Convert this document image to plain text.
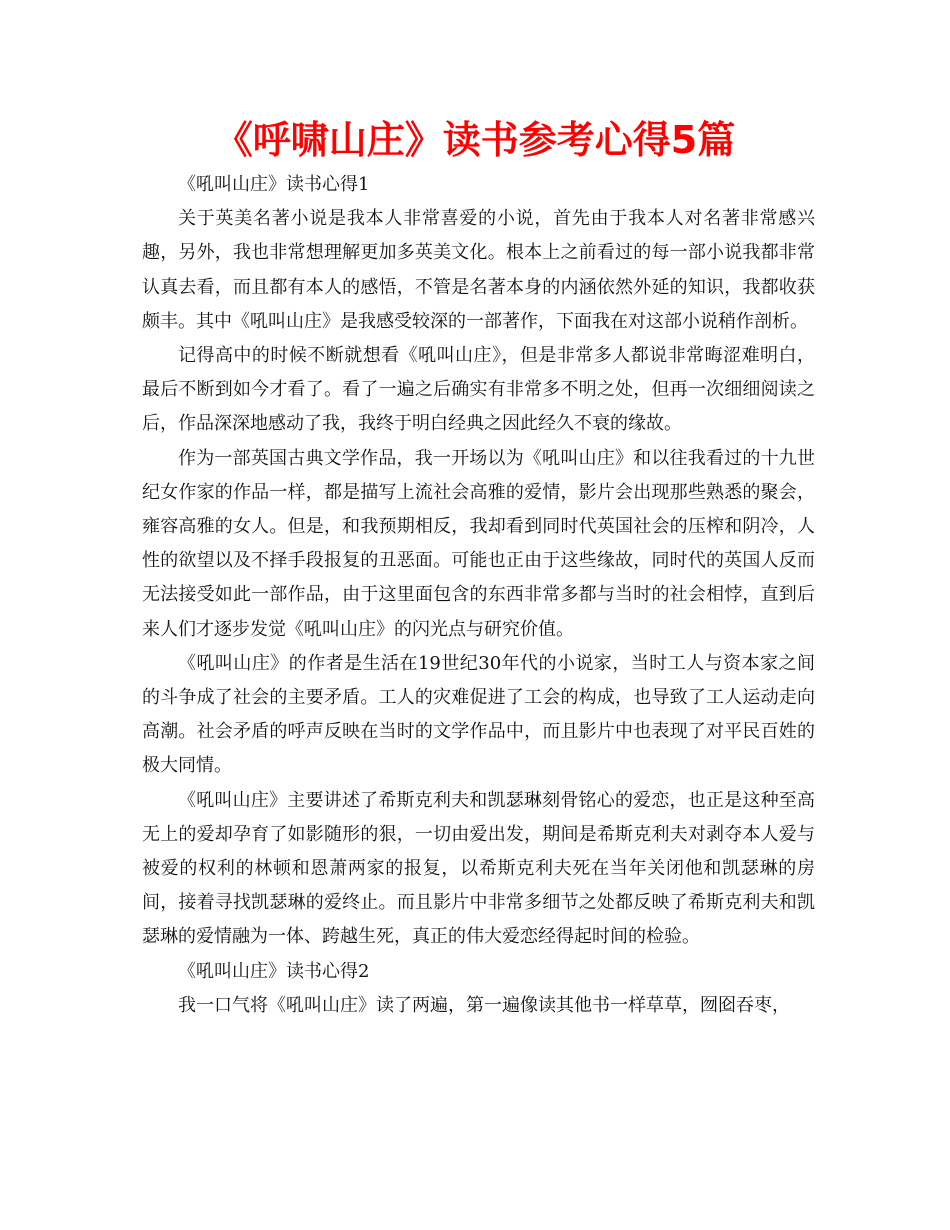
《呼啸山庄》读书参考心得5篇

《吼叫山庄》读书心得1

关于英美名著小说是我本人非常喜爱的小说，首先由于我本人对名著非常感兴趣，另外，我也非常想理解更加多英美文化。根本上之前看过的每一部小说我都非常认真去看，而且都有本人的感悟，不管是名著本身的内涵依然外延的知识，我都收获颇丰。其中《吼叫山庄》是我感受较深的一部著作，下面我在对这部小说稍作剖析。

记得高中的时候不断就想看《吼叫山庄》，但是非常多人都说非常晦涩难明白，最后不断到如今才看了。看了一遍之后确实有非常多不明之处，但再一次细细阅读之后，作品深深地感动了我，我终于明白经典之因此经久不衰的缘故。

作为一部英国古典文学作品，我一开场以为《吼叫山庄》和以往我看过的十九世纪女作家的作品一样，都是描写上流社会高雅的爱情，影片会出现那些熟悉的聚会，雍容高雅的女人。但是，和我预期相反，我却看到同时代英国社会的压榨和阴冷，人性的欲望以及不择手段报复的丑恶面。可能也正由于这些缘故，同时代的英国人反而无法接受如此一部作品，由于这里面包含的东西非常多都与当时的社会相悖，直到后来人们才逐步发觉《吼叫山庄》的闪光点与研究价值。

《吼叫山庄》的作者是生活在19世纪30年代的小说家，当时工人与资本家之间的斗争成了社会的主要矛盾。工人的灾难促进了工会的构成，也导致了工人运动走向高潮。社会矛盾的呼声反映在当时的文学作品中，而且影片中也表现了对平民百姓的极大同情。

《吼叫山庄》主要讲述了希斯克利夫和凯瑟琳刻骨铭心的爱恋，也正是这种至高无上的爱却孕育了如影随形的狠，一切由爱出发，期间是希斯克利夫对剥夺本人爱与被爱的权利的林顿和恩萧两家的报复，以希斯克利夫死在当年关闭他和凯瑟琳的房间，接着寻找凯瑟琳的爱终止。而且影片中非常多细节之处都反映了希斯克利夫和凯瑟琳的爱情融为一体、跨越生死，真正的伟大爱恋经得起时间的检验。

《吼叫山庄》读书心得2

我一口气将《吼叫山庄》读了两遍，第一遍像读其他书一样草草，囫囵吞枣，
